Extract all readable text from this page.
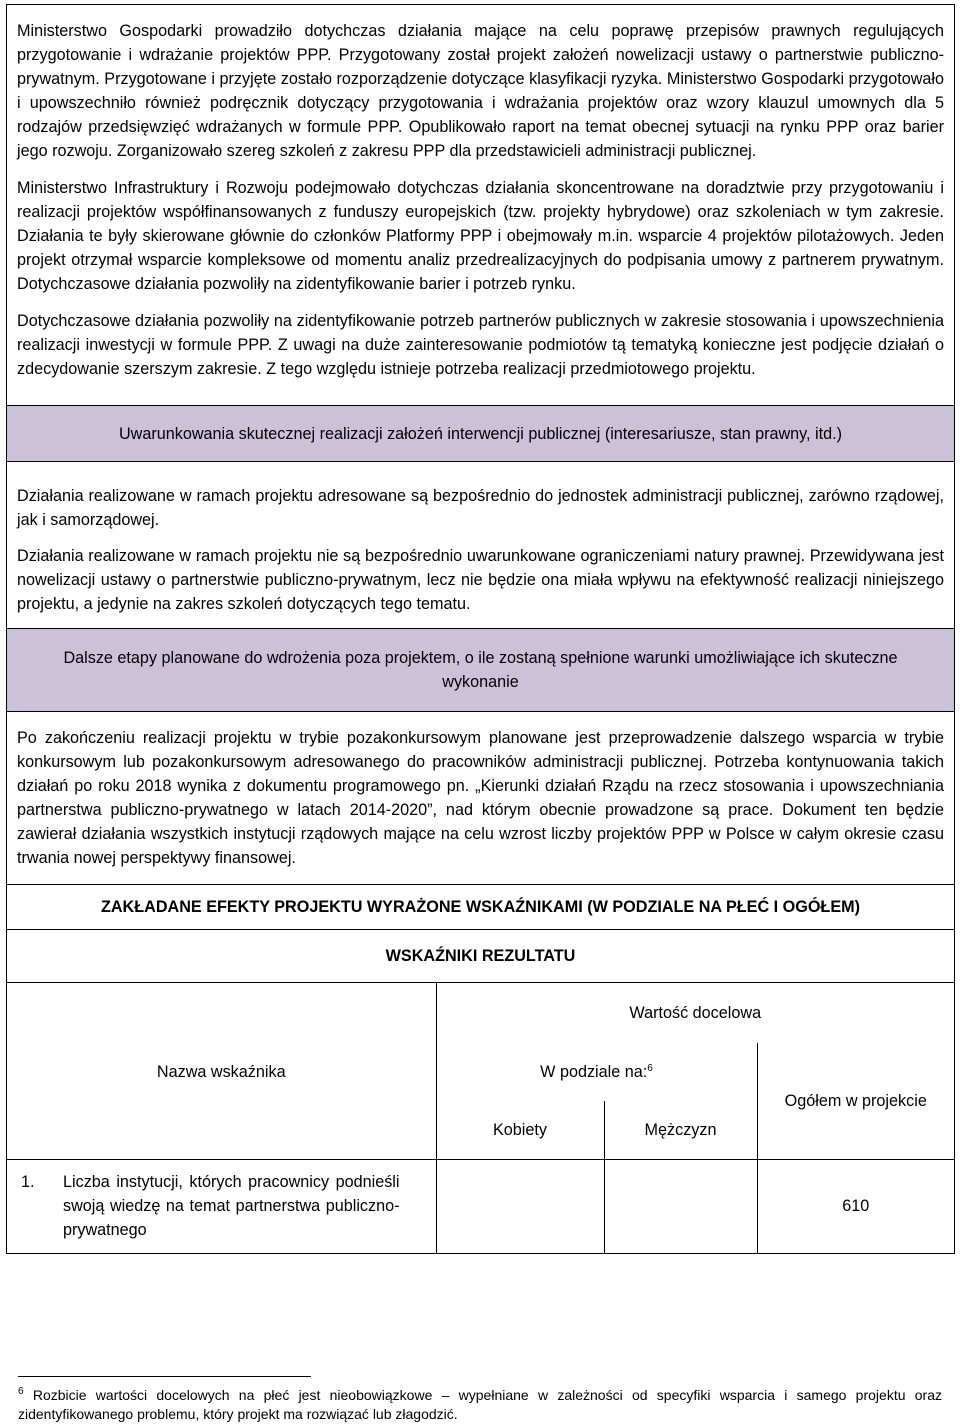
Ministerstwo Gospodarki prowadziło dotychczas działania mające na celu poprawę przepisów prawnych regulujących przygotowanie i wdrażanie projektów PPP. Przygotowany został projekt założeń nowelizacji ustawy o partnerstwie publiczno-prywatnym. Przygotowane i przyjęte zostało rozporządzenie dotyczące klasyfikacji ryzyka. Ministerstwo Gospodarki przygotowało i upowszechniło również podręcznik dotyczący przygotowania i wdrażania projektów oraz wzory klauzul umownych dla 5 rodzajów przedsięwzięć wdrażanych w formule PPP. Opublikowało raport na temat obecnej sytuacji na rynku PPP oraz barier jego rozwoju. Zorganizowało szereg szkoleń z zakresu PPP dla przedstawicieli administracji publicznej.

Ministerstwo Infrastruktury i Rozwoju podejmowało dotychczas działania skoncentrowane na doradztwie przy przygotowaniu i realizacji projektów współfinansowanych z funduszy europejskich (tzw. projekty hybrydowe) oraz szkoleniach w tym zakresie. Działania te były skierowane głównie do członków Platformy PPP i obejmowały m.in. wsparcie 4 projektów pilotażowych. Jeden projekt otrzymał wsparcie kompleksowe od momentu analiz przedrealizacyjnych do podpisania umowy z partnerem prywatnym. Dotychczasowe działania pozwoliły na zidentyfikowanie barier i potrzeb rynku.

Dotychczasowe działania pozwoliły na zidentyfikowanie potrzeb partnerów publicznych w zakresie stosowania i upowszechnienia realizacji inwestycji w formule PPP. Z uwagi na duże zainteresowanie podmiotów tą tematyką konieczne jest podjęcie działań o zdecydowanie szerszym zakresie. Z tego względu istnieje potrzeba realizacji przedmiotowego projektu.

Uwarunkowania skutecznej realizacji założeń interwencji publicznej (interesariusze, stan prawny, itd.)

Działania realizowane w ramach projektu adresowane są bezpośrednio do jednostek administracji publicznej, zarówno rządowej, jak i samorządowej.

Działania realizowane w ramach projektu nie są bezpośrednio uwarunkowane ograniczeniami natury prawnej. Przewidywana jest nowelizacji ustawy o partnerstwie publiczno-prywatnym, lecz nie będzie ona miała wpływu na efektywność realizacji niniejszego projektu, a jedynie na zakres szkoleń dotyczących tego tematu.

Dalsze etapy planowane do wdrożenia poza projektem, o ile zostaną spełnione warunki umożliwiające ich skuteczne wykonanie

Po zakończeniu realizacji projektu w trybie pozakonkursowym planowane jest przeprowadzenie dalszego wsparcia w trybie konkursowym lub pozakonkursowym adresowanego do pracowników administracji publicznej. Potrzeba kontynuowania takich działań po roku 2018 wynika z dokumentu programowego pn. „Kierunki działań Rządu na rzecz stosowania i upowszechniania partnerstwa publiczno-prywatnego w latach 2014-2020”, nad którym obecnie prowadzone są prace. Dokument ten będzie zawierał działania wszystkich instytucji rządowych mające na celu wzrost liczby projektów PPP w Polsce w całym okresie czasu trwania nowej perspektywy finansowej.

ZAKŁADANE EFEKTY PROJEKTU WYRAŻONE WSKAŹNIKAMI (W PODZIALE NA PŁEĆ I OGÓŁEM)
WSKAŹNIKI REZULTATU
	Wartość docelowa		
	W podziale na:$^6$		Ogółem w projekcie

Nazwa wskaźnika	Kobiety	Mężczyzn	

1. Liczba instytucji, których pracownicy podnieśli swoją wiedzę na temat partnerstwa publiczno-prywatnego			610
$^6$ Rozbicie wartości docelowych na płeć jest nieobowiązkowe – wypełniane w zależności od specyfiki wsparcia i samego projektu oraz zidentyfikowanego problemu, który projekt ma rozwiązać lub złagodzić.
